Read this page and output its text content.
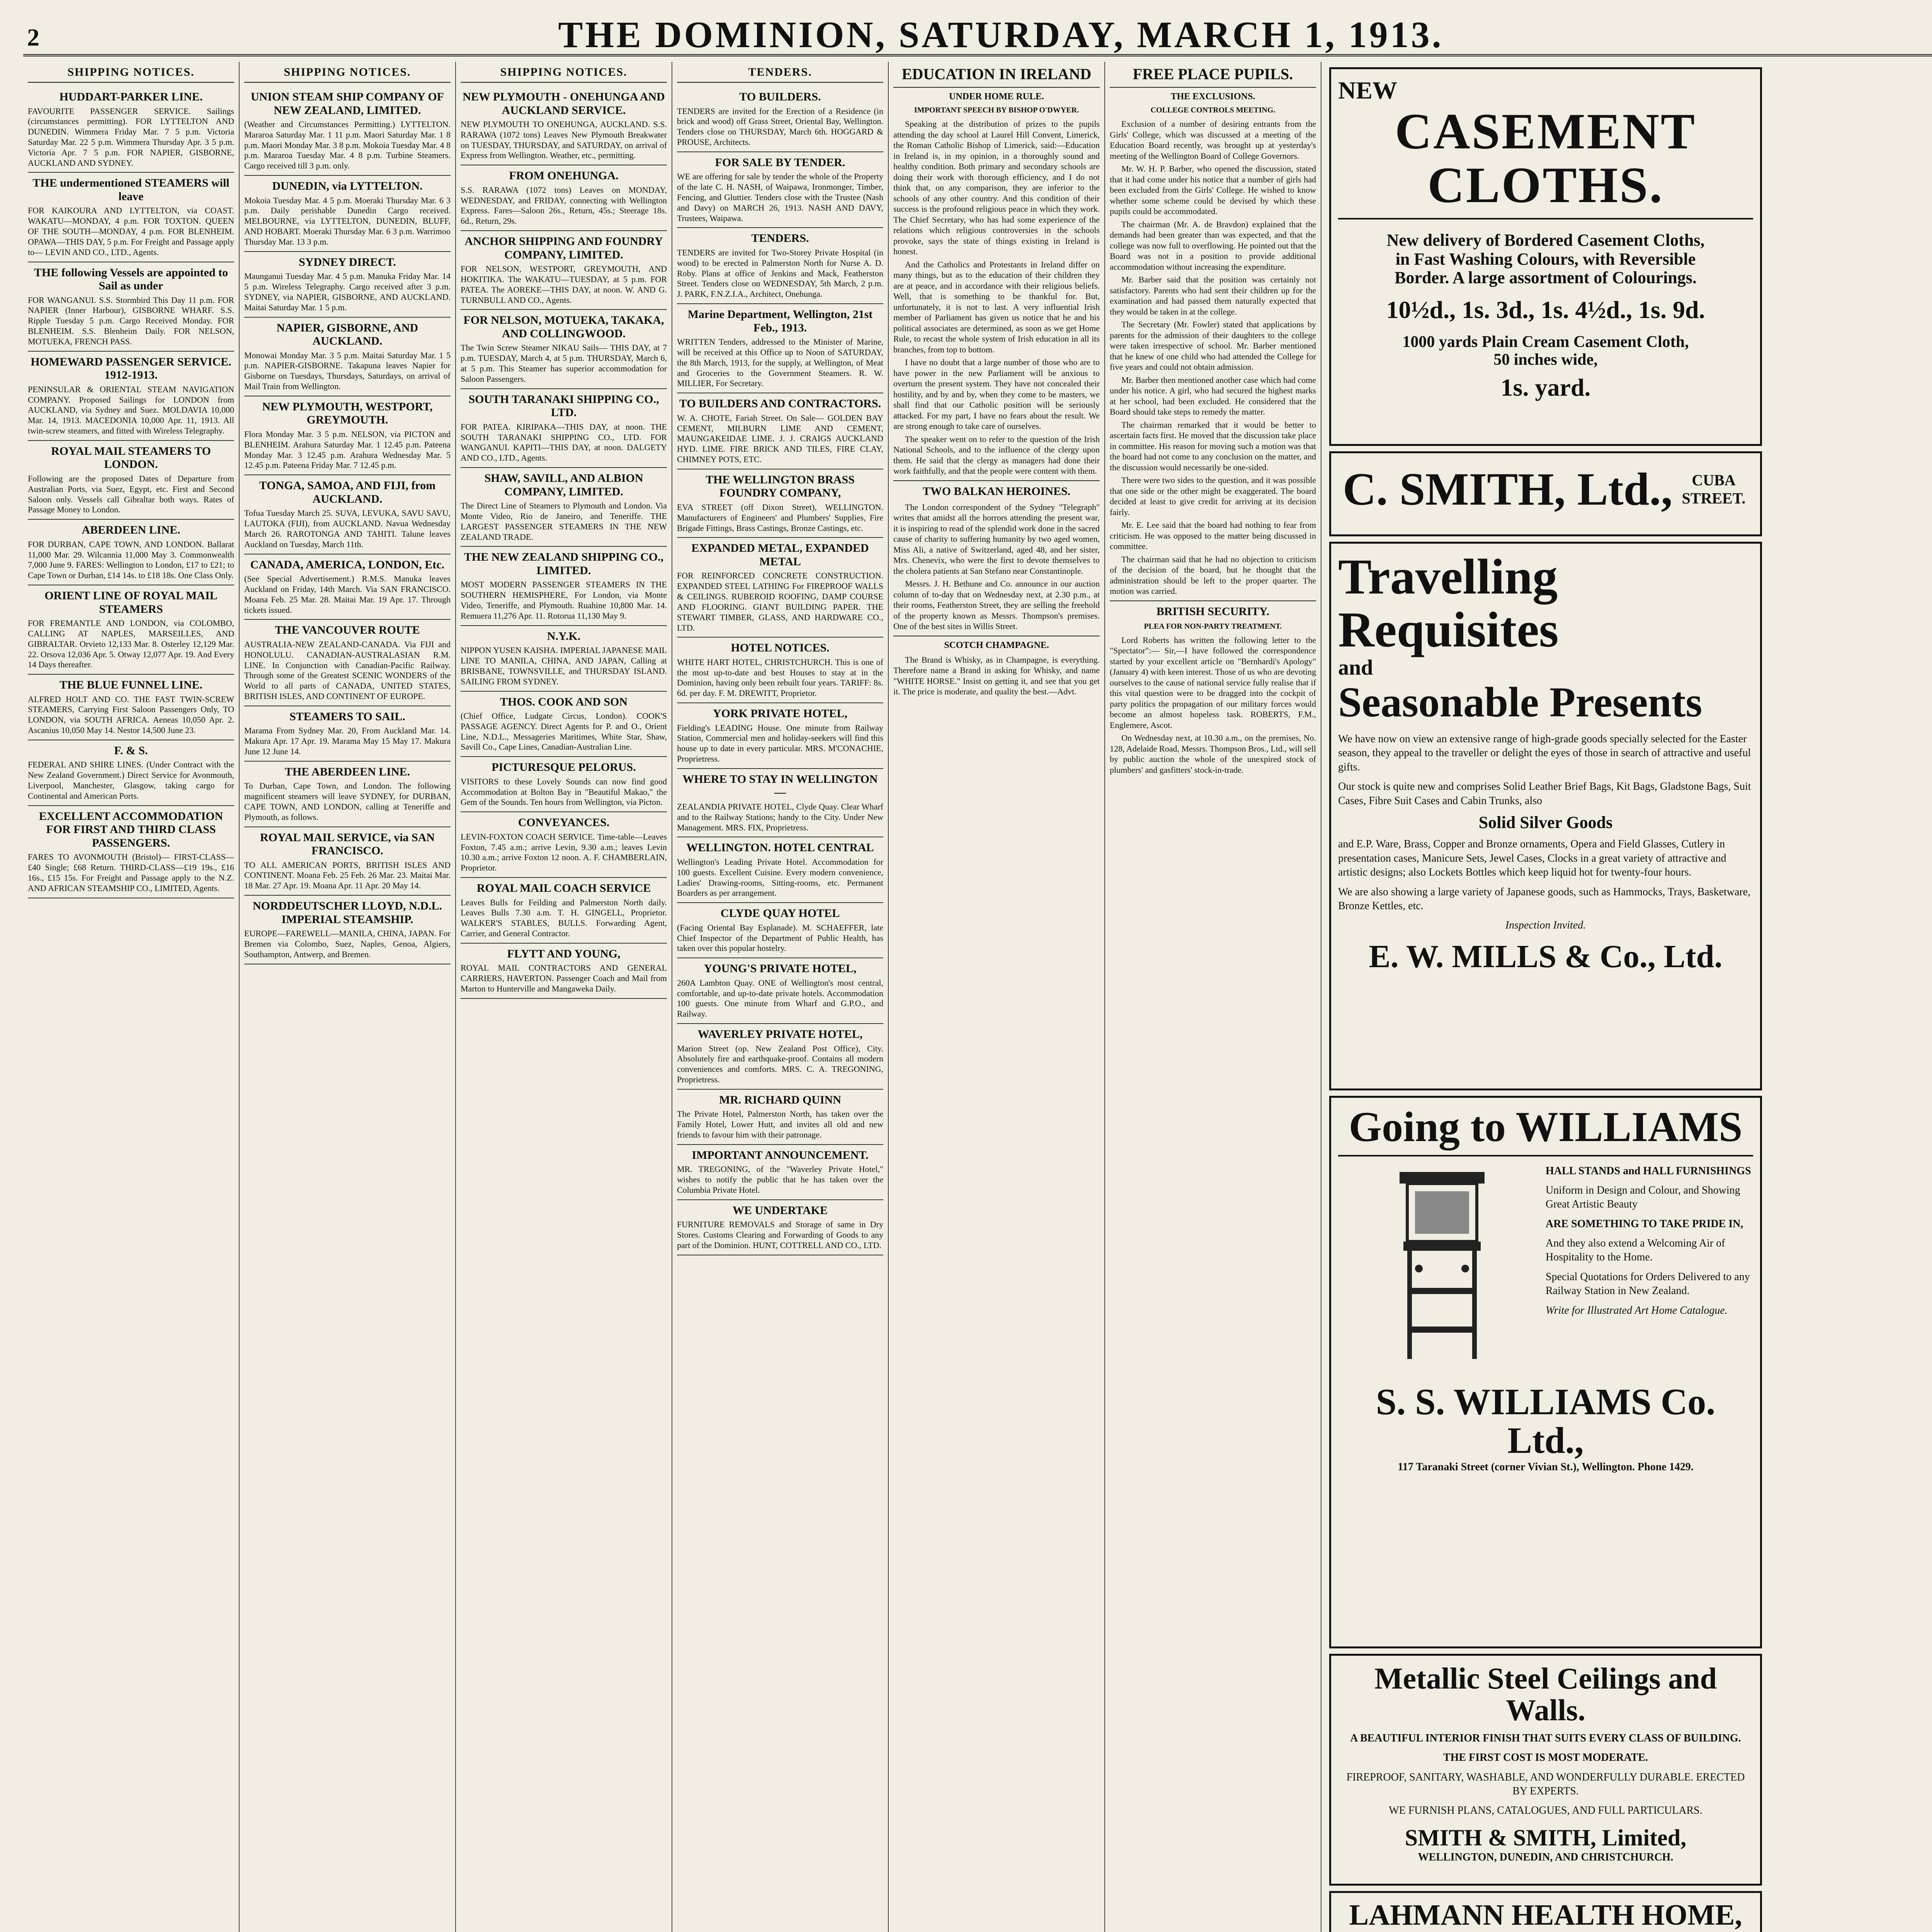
2	THE DOMINION, SATURDAY, MARCH 1, 1913.
SHIPPING NOTICES.
HUDDART-PARKER LINE.
FAVOURITE PASSENGER SERVICE. Sailings (circumstances permitting). FOR LYTTELTON AND DUNEDIN. Wimmera Friday Mar. 7 5 p.m. Victoria Saturday Mar. 22 5 p.m. Wimmera Thursday Apr. 3 5 p.m. Victoria Apr. 7 5 p.m. FOR NAPIER, GISBORNE, AUCKLAND AND SYDNEY.
THE undermentioned STEAMERS will leave
FOR KAIKOURA AND LYTTELTON, via COAST. WAKATU—MONDAY, 4 p.m. FOR TOXTON. QUEEN OF THE SOUTH—MONDAY, 4 p.m. FOR BLENHEIM. OPAWA—THIS DAY, 5 p.m. For Freight and Passage apply to— LEVIN AND CO., LTD., Agents.
THE following Vessels are appointed to Sail as under
FOR WANGANUI. S.S. Stormbird This Day 11 p.m. FOR NAPIER (Inner Harbour), GISBORNE WHARF. S.S. Ripple Tuesday 5 p.m. Cargo Received Monday. FOR BLENHEIM. S.S. Blenheim Daily. FOR NELSON, MOTUEKA, FRENCH PASS.
HOMEWARD PASSENGER SERVICE. 1912-1913.
PENINSULAR & ORIENTAL STEAM NAVIGATION COMPANY. Proposed Sailings for LONDON from AUCKLAND, via Sydney and Suez. MOLDAVIA 10,000 Mar. 14, 1913. MACEDONIA 10,000 Apr. 11, 1913. All twin-screw steamers, and fitted with Wireless Telegraphy.
ROYAL MAIL STEAMERS TO LONDON.
Following are the proposed Dates of Departure from Australian Ports, via Suez, Egypt, etc. First and Second Saloon only. Vessels call Gibraltar both ways. Rates of Passage Money to London.
ABERDEEN LINE.
FOR DURBAN, CAPE TOWN, AND LONDON. Ballarat 11,000 Mar. 29. Wilcannia 11,000 May 3. Commonwealth 7,000 June 9. FARES: Wellington to London, £17 to £21; to Cape Town or Durban, £14 14s. to £18 18s. One Class Only.
ORIENT LINE OF ROYAL MAIL STEAMERS
FOR FREMANTLE AND LONDON, via COLOMBO, CALLING AT NAPLES, MARSEILLES, AND GIBRALTAR. Orvieto 12,133 Mar. 8. Osterley 12,129 Mar. 22. Orsova 12,036 Apr. 5. Otway 12,077 Apr. 19. And Every 14 Days thereafter.
THE BLUE FUNNEL LINE.
ALFRED HOLT AND CO. THE FAST TWIN-SCREW STEAMERS, Carrying First Saloon Passengers Only, TO LONDON, via SOUTH AFRICA. Aeneas 10,050 Apr. 2. Ascanius 10,050 May 14. Nestor 14,500 June 23.
F. & S.
FEDERAL AND SHIRE LINES. (Under Contract with the New Zealand Government.) Direct Service for Avonmouth, Liverpool, Manchester, Glasgow, taking cargo for Continental and American Ports.
EXCELLENT ACCOMMODATION FOR FIRST AND THIRD CLASS PASSENGERS.
FARES TO AVONMOUTH (Bristol)— FIRST-CLASS—£40 Single; £68 Return. THIRD-CLASS—£19 19s., £16 16s., £15 15s. For Freight and Passage apply to the N.Z. AND AFRICAN STEAMSHIP CO., LIMITED, Agents.
SHIPPING NOTICES.
UNION STEAM SHIP COMPANY OF NEW ZEALAND, LIMITED.
(Weather and Circumstances Permitting.) LYTTELTON. Mararoa Saturday Mar. 1 11 p.m. Maori Saturday Mar. 1 8 p.m. Maori Monday Mar. 3 8 p.m. Mokoia Tuesday Mar. 4 8 p.m. Mararoa Tuesday Mar. 4 8 p.m. Turbine Steamers. Cargo received till 3 p.m. only.
DUNEDIN, via LYTTELTON.
Mokoia Tuesday Mar. 4 5 p.m. Moeraki Thursday Mar. 6 3 p.m. Daily perishable Dunedin Cargo received. MELBOURNE, via LYTTELTON, DUNEDIN, BLUFF, AND HOBART. Moeraki Thursday Mar. 6 3 p.m. Warrimoo Thursday Mar. 13 3 p.m.
SYDNEY DIRECT.
Maunganui Tuesday Mar. 4 5 p.m. Manuka Friday Mar. 14 5 p.m. Wireless Telegraphy. Cargo received after 3 p.m. SYDNEY, via NAPIER, GISBORNE, AND AUCKLAND. Maitai Saturday Mar. 1 5 p.m.
NAPIER, GISBORNE, AND AUCKLAND.
Monowai Monday Mar. 3 5 p.m. Maitai Saturday Mar. 1 5 p.m. NAPIER-GISBORNE. Takapuna leaves Napier for Gisborne on Tuesdays, Thursdays, Saturdays, on arrival of Mail Train from Wellington.
NEW PLYMOUTH, WESTPORT, GREYMOUTH.
Flora Monday Mar. 3 5 p.m. NELSON, via PICTON and BLENHEIM. Arahura Saturday Mar. 1 12.45 p.m. Pateena Monday Mar. 3 12.45 p.m. Arahura Wednesday Mar. 5 12.45 p.m. Pateena Friday Mar. 7 12.45 p.m.
TONGA, SAMOA, AND FIJI, from AUCKLAND.
Tofua Tuesday March 25. SUVA, LEVUKA, SAVU SAVU, LAUTOKA (FIJI), from AUCKLAND. Navua Wednesday March 26. RAROTONGA AND TAHITI. Talune leaves Auckland on Tuesday, March 11th.
CANADA, AMERICA, LONDON, Etc.
(See Special Advertisement.) R.M.S. Manuka leaves Auckland on Friday, 14th March. Via SAN FRANCISCO. Moana Feb. 25 Mar. 28. Maitai Mar. 19 Apr. 17. Through tickets issued.
THE VANCOUVER ROUTE
AUSTRALIA-NEW ZEALAND-CANADA. Via FIJI and HONOLULU. CANADIAN-AUSTRALASIAN R.M. LINE. In Conjunction with Canadian-Pacific Railway. Through some of the Greatest SCENIC WONDERS of the World to all parts of CANADA, UNITED STATES, BRITISH ISLES, AND CONTINENT OF EUROPE.
STEAMERS TO SAIL.
Marama From Sydney Mar. 20, From Auckland Mar. 14. Makura Apr. 17 Apr. 19. Marama May 15 May 17. Makura June 12 June 14.
THE ABERDEEN LINE.
To Durban, Cape Town, and London. The following magnificent steamers will leave SYDNEY, for DURBAN, CAPE TOWN, AND LONDON, calling at Teneriffe and Plymouth, as follows.
ROYAL MAIL SERVICE, via SAN FRANCISCO.
TO ALL AMERICAN PORTS, BRITISH ISLES AND CONTINENT. Moana Feb. 25 Feb. 26 Mar. 23. Maitai Mar. 18 Mar. 27 Apr. 19. Moana Apr. 11 Apr. 20 May 14.
NORDDEUTSCHER LLOYD, N.D.L. IMPERIAL STEAMSHIP.
EUROPE—FAREWELL—MANILA, CHINA, JAPAN. For Bremen via Colombo, Suez, Naples, Genoa, Algiers, Southampton, Antwerp, and Bremen.
SHIPPING NOTICES.
NEW PLYMOUTH - ONEHUNGA AND AUCKLAND SERVICE.
NEW PLYMOUTH TO ONEHUNGA, AUCKLAND. S.S. RARAWA (1072 tons) Leaves New Plymouth Breakwater on TUESDAY, THURSDAY, and SATURDAY, on arrival of Express from Wellington. Weather, etc., permitting.
FROM ONEHUNGA.
S.S. RARAWA (1072 tons) Leaves on MONDAY, WEDNESDAY, and FRIDAY, connecting with Wellington Express. Fares—Saloon 26s., Return, 45s.; Steerage 18s. 6d., Return, 29s.
ANCHOR SHIPPING AND FOUNDRY COMPANY, LIMITED.
FOR NELSON, WESTPORT, GREYMOUTH, AND HOKITIKA. The WAKATU—TUESDAY, at 5 p.m. FOR PATEA. The AOREKE—THIS DAY, at noon. W. AND G. TURNBULL AND CO., Agents.
FOR NELSON, MOTUEKA, TAKAKA, AND COLLINGWOOD.
The Twin Screw Steamer NIKAU Sails— THIS DAY, at 7 p.m. TUESDAY, March 4, at 5 p.m. THURSDAY, March 6, at 5 p.m. This Steamer has superior accommodation for Saloon Passengers.
SOUTH TARANAKI SHIPPING CO., LTD.
FOR PATEA. KIRIPAKA—THIS DAY, at noon. THE SOUTH TARANAKI SHIPPING CO., LTD. FOR WANGANUI. KAPITI—THIS DAY, at noon. DALGETY AND CO., LTD., Agents.
SHAW, SAVILL, AND ALBION COMPANY, LIMITED.
The Direct Line of Steamers to Plymouth and London. Via Monte Video, Rio de Janeiro, and Teneriffe. THE LARGEST PASSENGER STEAMERS IN THE NEW ZEALAND TRADE.
THE NEW ZEALAND SHIPPING CO., LIMITED.
MOST MODERN PASSENGER STEAMERS IN THE SOUTHERN HEMISPHERE, For London, via Monte Video, Teneriffe, and Plymouth. Ruahine 10,800 Mar. 14. Remuera 11,276 Apr. 11. Rotorua 11,130 May 9.
N.Y.K.
NIPPON YUSEN KAISHA. IMPERIAL JAPANESE MAIL LINE TO MANILA, CHINA, AND JAPAN, Calling at BRISBANE, TOWNSVILLE, and THURSDAY ISLAND. SAILING FROM SYDNEY.
THOS. COOK AND SON
(Chief Office, Ludgate Circus, London). COOK'S PASSAGE AGENCY. Direct Agents for P. and O., Orient Line, N.D.L., Messageries Maritimes, White Star, Shaw, Savill Co., Cape Lines, Canadian-Australian Line.
PICTURESQUE PELORUS.
VISITORS to these Lovely Sounds can now find good Accommodation at Bolton Bay in "Beautiful Makao," the Gem of the Sounds. Ten hours from Wellington, via Picton.
CONVEYANCES.
LEVIN-FOXTON COACH SERVICE. Time-table—Leaves Foxton, 7.45 a.m.; arrive Levin, 9.30 a.m.; leaves Levin 10.30 a.m.; arrive Foxton 12 noon. A. F. CHAMBERLAIN, Proprietor.
ROYAL MAIL COACH SERVICE
Leaves Bulls for Feilding and Palmerston North daily. Leaves Bulls 7.30 a.m. T. H. GINGELL, Proprietor. WALKER'S STABLES, BULLS. Forwarding Agent, Carrier, and General Contractor.
FLYTT AND YOUNG,
ROYAL MAIL CONTRACTORS AND GENERAL CARRIERS, HAVERTON. Passenger Coach and Mail from Marton to Hunterville and Mangaweka Daily.
TENDERS.
TO BUILDERS.
TENDERS are invited for the Erection of a Residence (in brick and wood) off Grass Street, Oriental Bay, Wellington. Tenders close on THURSDAY, March 6th. HOGGARD & PROUSE, Architects.
FOR SALE BY TENDER.
WE are offering for sale by tender the whole of the Property of the late C. H. NASH, of Waipawa, Ironmonger, Timber, Fencing, and Gluttier. Tenders close with the Trustee (Nash and Davy) on MARCH 26, 1913. NASH AND DAVY, Trustees, Waipawa.
TENDERS.
TENDERS are invited for Two-Storey Private Hospital (in wood) to be erected in Palmerston North for Nurse A. D. Roby. Plans at office of Jenkins and Mack, Featherston Street. Tenders close on WEDNESDAY, 5th March, 2 p.m. J. PARK, F.N.Z.I.A., Architect, Onehunga.
Marine Department, Wellington, 21st Feb., 1913.
WRITTEN Tenders, addressed to the Minister of Marine, will be received at this Office up to Noon of SATURDAY, the 8th March, 1913, for the supply, at Wellington, of Meat and Groceries to the Government Steamers. R. W. MILLIER, For Secretary.
TO BUILDERS AND CONTRACTORS.
W. A. CHOTE, Fariah Street. On Sale— GOLDEN BAY CEMENT, MILBURN LIME AND CEMENT, MAUNGAKEIDAE LIME. J. J. CRAIGS AUCKLAND HYD. LIME. FIRE BRICK AND TILES, FIRE CLAY, CHIMNEY POTS, ETC.
THE WELLINGTON BRASS FOUNDRY COMPANY,
EVA STREET (off Dixon Street), WELLINGTON. Manufacturers of Engineers' and Plumbers' Supplies, Fire Brigade Fittings, Brass Castings, Bronze Castings, etc.
EXPANDED METAL, EXPANDED METAL
FOR REINFORCED CONCRETE CONSTRUCTION. EXPANDED STEEL LATHING For FIREPROOF WALLS & CEILINGS. RUBEROID ROOFING, DAMP COURSE AND FLOORING. GIANT BUILDING PAPER. THE STEWART TIMBER, GLASS, AND HARDWARE CO., LTD.
HOTEL NOTICES.
WHITE HART HOTEL, CHRISTCHURCH. This is one of the most up-to-date and best Houses to stay at in the Dominion, having only been rebuilt four years. TARIFF: 8s. 6d. per day. F. M. DREWITT, Proprietor.
YORK PRIVATE HOTEL,
Fielding's LEADING House. One minute from Railway Station, Commercial men and holiday-seekers will find this house up to date in every particular. MRS. M'CONACHIE, Proprietress.
WHERE TO STAY IN WELLINGTON—
ZEALANDIA PRIVATE HOTEL, Clyde Quay. Clear Wharf and to the Railway Stations; handy to the City. Under New Management. MRS. FIX, Proprietress.
WELLINGTON. HOTEL CENTRAL
Wellington's Leading Private Hotel. Accommodation for 100 guests. Excellent Cuisine. Every modern convenience, Ladies' Drawing-rooms, Sitting-rooms, etc. Permanent Boarders as per arrangement.
CLYDE QUAY HOTEL
(Facing Oriental Bay Esplanade). M. SCHAEFFER, late Chief Inspector of the Department of Public Health, has taken over this popular hostelry.
YOUNG'S PRIVATE HOTEL,
260A Lambton Quay. ONE of Wellington's most central, comfortable, and up-to-date private hotels. Accommodation 100 guests. One minute from Wharf and G.P.O., and Railway.
WAVERLEY PRIVATE HOTEL,
Marion Street (op. New Zealand Post Office), City. Absolutely fire and earthquake-proof. Contains all modern conveniences and comforts. MRS. C. A. TREGONING, Proprietress.
MR. RICHARD QUINN
The Private Hotel, Palmerston North, has taken over the Family Hotel, Lower Hutt, and invites all old and new friends to favour him with their patronage.
IMPORTANT ANNOUNCEMENT.
MR. TREGONING, of the "Waverley Private Hotel," wishes to notify the public that he has taken over the Columbia Private Hotel.
WE UNDERTAKE
FURNITURE REMOVALS and Storage of same in Dry Stores. Customs Clearing and Forwarding of Goods to any part of the Dominion. HUNT, COTTRELL AND CO., LTD.
EDUCATION IN IRELAND
UNDER HOME RULE.
IMPORTANT SPEECH BY BISHOP O'DWYER.

Speaking at the distribution of prizes to the pupils attending the day school at Laurel Hill Convent, Limerick, the Roman Catholic Bishop of Limerick, said:—Education in Ireland is, in my opinion, in a thoroughly sound and healthy condition. Both primary and secondary schools are doing their work with thorough efficiency, and I do not think that, on any comparison, they are inferior to the schools of any other country. And this condition of their success is the profound religious peace in which they work. The Chief Secretary, who has had some experience of the relations which religious controversies in the schools provoke, says the state of things existing in Ireland is honest.

And the Catholics and Protestants in Ireland differ on many things, but as to the education of their children they are at peace, and in accordance with their religious beliefs. Well, that is something to be thankful for. But, unfortunately, it is not to last. A very influential Irish member of Parliament has given us notice that he and his political associates are determined, as soon as we get Home Rule, to recast the whole system of Irish education in all its branches, from top to bottom.

I have no doubt that a large number of those who are to have power in the new Parliament will be anxious to overturn the present system. They have not concealed their hostility, and by and by, when they come to be masters, we shall find that our Catholic position will be seriously attacked. For my part, I have no fears about the result. We are strong enough to take care of ourselves.

The speaker went on to refer to the question of the Irish National Schools, and to the influence of the clergy upon them. He said that the clergy as managers had done their work faithfully, and that the people were content with them.

TWO BALKAN HEROINES.

The London correspondent of the Sydney "Telegraph" writes that amidst all the horrors attending the present war, it is inspiring to read of the splendid work done in the sacred cause of charity to suffering humanity by two aged women, Miss Ali, a native of Switzerland, aged 48, and her sister, Mrs. Chenevix, who were the first to devote themselves to the cholera patients at San Stefano near Constantinople.

Messrs. J. H. Bethune and Co. announce in our auction column of to-day that on Wednesday next, at 2.30 p.m., at their rooms, Featherston Street, they are selling the freehold of the property known as Messrs. Thompson's premises. One of the best sites in Willis Street.

SCOTCH CHAMPAGNE.

The Brand is Whisky, as in Champagne, is everything. Therefore name a Brand in asking for Whisky, and name "WHITE HORSE." Insist on getting it, and see that you get it. The price is moderate, and quality the best.—Advt.

FREE PLACE PUPILS.
THE EXCLUSIONS.
COLLEGE CONTROLS MEETING.

Exclusion of a number of desiring entrants from the Girls' College, which was discussed at a meeting of the Education Board recently, was brought up at yesterday's meeting of the Wellington Board of College Governors.

Mr. W. H. P. Barber, who opened the discussion, stated that it had come under his notice that a number of girls had been excluded from the Girls' College. He wished to know whether some scheme could be devised by which these pupils could be accommodated.

The chairman (Mr. A. de Bravdon) explained that the demands had been greater than was expected, and that the college was now full to overflowing. He pointed out that the Board was not in a position to provide additional accommodation without increasing the expenditure.

Mr. Barber said that the position was certainly not satisfactory. Parents who had sent their children up for the examination and had passed them naturally expected that they would be taken in at the college.

The Secretary (Mr. Fowler) stated that applications by parents for the admission of their daughters to the college were taken irrespective of school. Mr. Barber mentioned that he knew of one child who had attended the College for five years and could not obtain admission.

Mr. Barber then mentioned another case which had come under his notice. A girl, who had secured the highest marks at her school, had been excluded. He considered that the Board should take steps to remedy the matter.

The chairman remarked that it would be better to ascertain facts first. He moved that the discussion take place in committee. His reason for moving such a motion was that the board had not come to any conclusion on the matter, and the discussion would necessarily be one-sided.

There were two sides to the question, and it was possible that one side or the other might be exaggerated. The board decided at least to give credit for arriving at its decision fairly.

Mr. E. Lee said that the board had nothing to fear from criticism. He was opposed to the matter being discussed in committee.

The chairman said that he had no objection to criticism of the decision of the board, but he thought that the administration should be left to the proper quarter. The motion was carried.

BRITISH SECURITY.
PLEA FOR NON-PARTY TREATMENT.

Lord Roberts has written the following letter to the "Spectator":— Sir,—I have followed the correspondence started by your excellent article on "Bernhardi's Apology" (January 4) with keen interest. Those of us who are devoting ourselves to the cause of national service fully realise that if this vital question were to be dragged into the cockpit of party politics the propagation of our military forces would become an almost hopeless task. ROBERTS, F.M., Englemere, Ascot.

On Wednesday next, at 10.30 a.m., on the premises, No. 128, Adelaide Road, Messrs. Thompson Bros., Ltd., will sell by public auction the whole of the unexpired stock of plumbers' and gasfitters' stock-in-trade.

NEW
CASEMENT CLOTHS.
New delivery of Bordered Casement Cloths,
in Fast Washing Colours, with Reversible
Border. A large assortment of Colourings.
10½d., 1s. 3d., 1s. 4½d., 1s. 9d.
1000 yards Plain Cream Casement Cloth,
50 inches wide,
1s. yard.
C. SMITH, Ltd.,	CUBA STREET.
Travelling
Requisites
and
Seasonable Presents
We have now on view an extensive range of high-grade goods specially selected for the Easter season, they appeal to the traveller or delight the eyes of those in search of attractive and useful gifts.
Our stock is quite new and comprises Solid Leather Brief Bags, Kit Bags, Gladstone Bags, Suit Cases, Fibre Suit Cases and Cabin Trunks, also
Solid Silver Goods
and E.P. Ware, Brass, Copper and Bronze ornaments, Opera and Field Glasses, Cutlery in presentation cases, Manicure Sets, Jewel Cases, Clocks in a great variety of attractive and artistic designs; also Lockets Bottles which keep liquid hot for twenty-four hours.
We are also showing a large variety of Japanese goods, such as Hammocks, Trays, Basketware, Bronze Kettles, etc.
Inspection Invited.
E. W. MILLS & Co., Ltd.
Going to WILLIAMS
HALL STANDS and HALL FURNISHINGS
Uniform in Design and Colour, and Showing Great Artistic Beauty
ARE SOMETHING TO TAKE PRIDE IN,
And they also extend a Welcoming Air of Hospitality to the Home.
Special Quotations for Orders Delivered to any Railway Station in New Zealand.
Write for Illustrated Art Home Catalogue.
S. S. WILLIAMS Co. Ltd.,
117 Taranaki Street (corner Vivian St.), Wellington. Phone 1429.
Metallic Steel Ceilings and Walls.
A BEAUTIFUL INTERIOR FINISH THAT SUITS EVERY CLASS OF BUILDING.
THE FIRST COST IS MOST MODERATE.
FIREPROOF, SANITARY, WASHABLE, AND WONDERFULLY DURABLE. ERECTED BY EXPERTS.
WE FURNISH PLANS, CATALOGUES, AND FULL PARTICULARS.
SMITH & SMITH, Limited,
WELLINGTON, DUNEDIN, AND CHRISTCHURCH.
LAHMANN HEALTH HOME,
